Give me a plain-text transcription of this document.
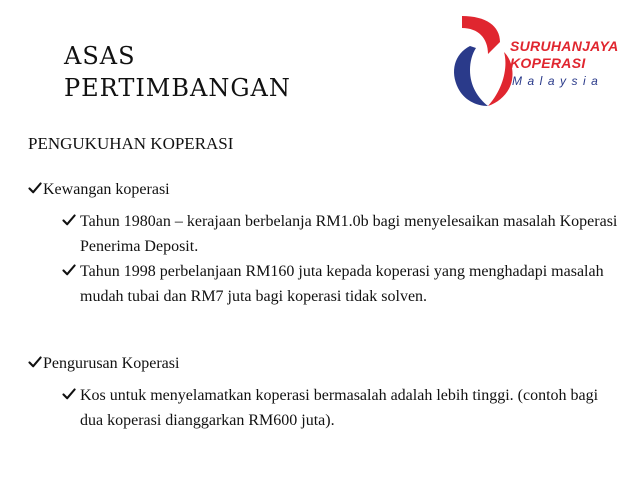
ASAS
PERTIMBANGAN

SURUHANJAYA
KOPERASI

Malaysia

PENGUKUHAN KOPERASI

Kewangan koperasi
Tahun 1980an – kerajaan berbelanja RM1.0b bagi menyelesaikan masalah Koperasi Penerima Deposit.
Tahun 1998 perbelanjaan RM160 juta kepada koperasi yang menghadapi masalah mudah tubai dan RM7 juta bagi koperasi tidak solven.
Pengurusan Koperasi
Kos untuk menyelamatkan koperasi bermasalah adalah lebih tinggi. (contoh bagi dua koperasi dianggarkan RM600 juta).
